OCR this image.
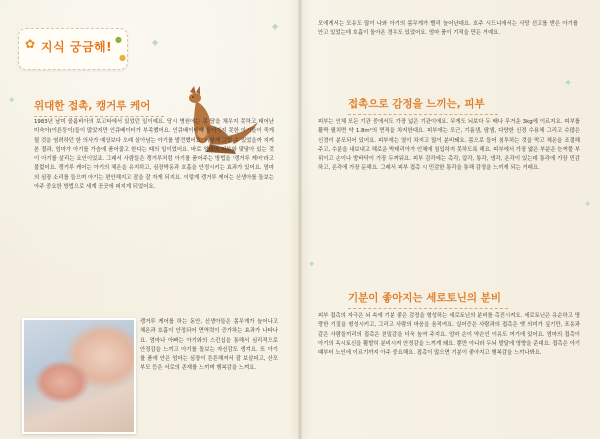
✿ 지식 궁금해!
●
●
✦
✦
✦ 위대한 접촉, 캥거루 케어

1983년 남미 콜롬비아의 보고타에서 있었던 일이예요. 당시 병원에는 몸 담을 채우지 못하고 태어난 미숙아(이른둥이)들이 많았지만 인큐베이터가 부족했어요. 인큐베이터에 들어가지 못한 아기들이 죽게 될 것을 염려하던 한 의사가 예상보다 오래 살아남는 아기를 발견했어요. 어떻게 그럴 수 있었을까 지켜 본 결과, 엄마가 아기를 가슴에 품어줄고 한다는 때의 일이었어요. 바로 엄마의 피부와 맞닿아 있는 것이 아기를 살리는 요인이었죠. 그래서 사람들은 캥거루처럼 아기를 품어주는 방법을 '캥거루 케어'라고 불렀어요. 캥거루 케어는 아기의 체온을 유지하고, 심장박동과 호흡을 안정시키는 효과가 있어요. 엄마의 심장 소리를 들으며 아기는 편안해지고 잠을 잘 자게 되지요. 이렇게 캥거루 케어는 신생아를 돌보는 아주 중요한 방법으로 세계 곳곳에 퍼지게 되었어요.

캥거루 케어를 하는 동안, 신생아들은 몸무게가 늘어나고 체온과 호흡이 안정되어 면역력이 증가하는 효과가 나타나요. 엄마나 아빠는 아기와의 스킨십을 통해서 심리적으로 안정감을 느끼고 아기를 돌보는 자신감도 생겨요. 또 아기를 품에 안은 엄마는 심장이 튼튼해져서 잘 보살피고, 산모 부모 등은 서로의 존재를 느끼며 행복감을 느껴요.

✦
✦
✦

모에게서는 모유도 많이 나와 아기의 몸무게가 빨리 늘어난대요. 호주 시드니에서는 사망 선고를 받은 아기를 안고 있었는데 호흡이 돌아온 경우도 있었어요. 엄마 품이 기적을 만든 거예요.

접촉으로 감정을 느끼는, 피부

피부는 인체 모든 기관 중에서도 가장 넓은 기관이에요. 무게도 뇌보다 두 배나 무거운 3kg에 이르지요. 피부를 활짝 펼치면 약 1.8m²의 면적을 차지한대요. 피부에는 모근, 기름샘, 땀샘, 다양한 신경 수용체 그리고 수많은 신경이 분포되어 있어요. 피부에는 열이 차지고 많이 분비돼요. 몸으로 들어 침투하는 것을 막고 체온을 조절해 주고, 수분을 내보내고 해로운 박테리아가 인체에 침입하지 못하도록 해요. 피부에서 가장 얇은 부분은 눈꺼풀 부위이고 손이나 발바닥이 가장 두꺼워요. 피부 감각에는 촉각, 압각, 통각, 냉각, 온각이 있는데 통각에 가장 민감하고, 온각에 가장 둔해요. 그래서 피부 접촉 시 민감한 통각을 통해 감정을 느끼게 되는 거래요.

기분이 좋아지는 세로토닌의 분비

피부 접촉의 자극은 뇌 속에 기분 좋은 감정을 형성하는 세로토닌의 분비를 촉진시켜요. 세로토닌은 유순하고 명랑한 기질을 형성시키고, 그리고 사람의 마음을 움직여요. 실어증은 사람과의 접촉은 옛 의미가 싶기만, 포옹과 같은 사람들끼리의 접촉은 친밀감을 더욱 높여 주지요. 엄마 손이 약손인 이유도 여기에 있어요. 엄마의 접촉이 아기의 옥시토신을 활발히 분비시켜 안정감을 느끼게 돼요. 뿐만 아니라 두뇌 발달에 영향을 준대요. 접촉은 아기 때부터 노인에 이르기까지 아주 중요해요. 접촉이 많으면 기분이 좋아지고 행복감을 느끼나봐요.
